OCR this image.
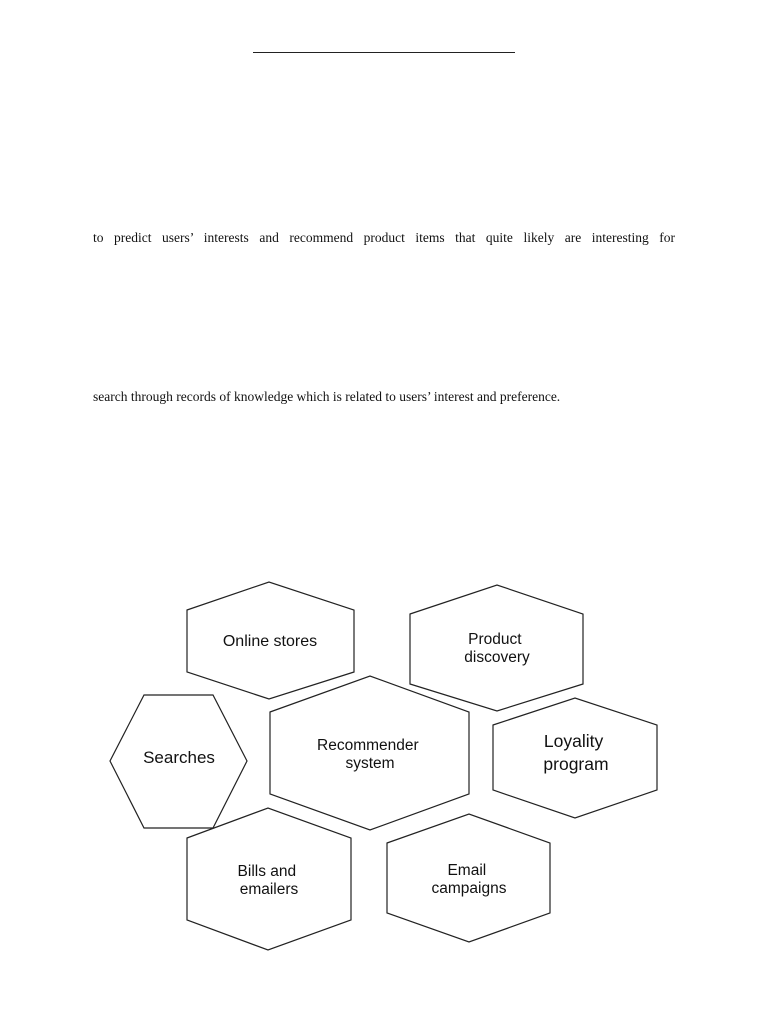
to predict users’ interests and recommend product items that quite likely are interesting for
search through records of knowledge which is related to users’ interest and preference.
Online stores	Product discovery
Searches
Recommender system
Loyality program
Bills and emailers
Email campaigns
